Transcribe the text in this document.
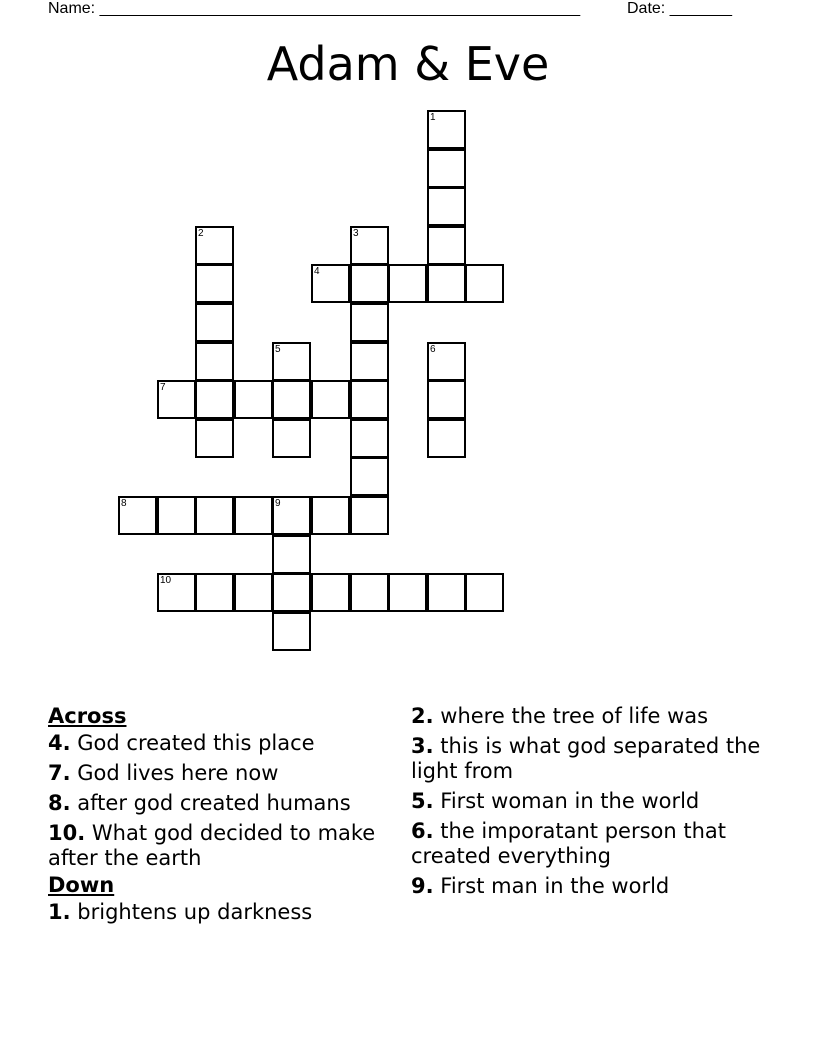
Name: ______________________________________________________	Date: _______
Adam & Eve
1
2	3
4
5	6
7
8	9
10
Across
4. God created this place
7. God lives here now
8. after god created humans
10. What god decided to make after the earth
Down
1. brightens up darkness
2. where the tree of life was
3. this is what god separated the light from
5. First woman in the world
6. the imporatant person that created everything
9. First man in the world
